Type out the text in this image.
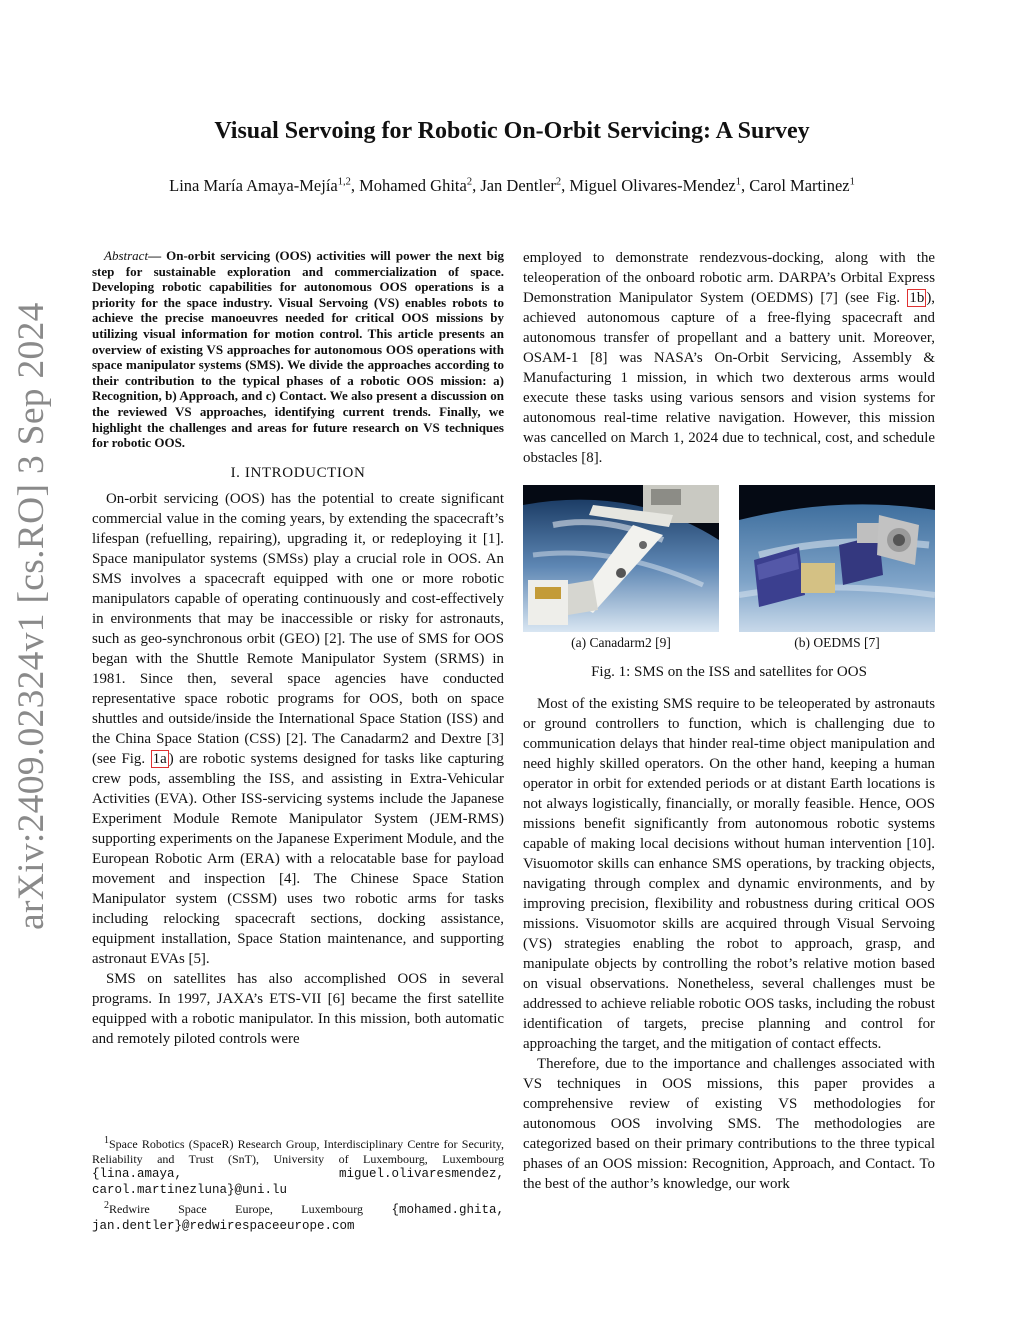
arXiv:2409.02324v1 [cs.RO] 3 Sep 2024
Visual Servoing for Robotic On-Orbit Servicing: A Survey
Lina María Amaya-Mejía$^{1,2}$, Mohamed Ghita$^2$, Jan Dentler$^2$, Miguel Olivares-Mendez$^1$, Carol Martinez$^1$

Abstract— On-orbit servicing (OOS) activities will power the next big step for sustainable exploration and commercialization of space. Developing robotic capabilities for autonomous OOS operations is a priority for the space industry. Visual Servoing (VS) enables robots to achieve the precise manoeuvres needed for critical OOS missions by utilizing visual information for motion control. This article presents an overview of existing VS approaches for autonomous OOS operations with space manipulator systems (SMS). We divide the approaches according to their contribution to the typical phases of a robotic OOS mission: a) Recognition, b) Approach, and c) Contact. We also present a discussion on the reviewed VS approaches, identifying current trends. Finally, we highlight the challenges and areas for future research on VS techniques for robotic OOS.

I. INTRODUCTION

On-orbit servicing (OOS) has the potential to create significant commercial value in the coming years, by extending the spacecraft’s lifespan (refuelling, repairing), upgrading it, or redeploying it [1]. Space manipulator systems (SMSs) play a crucial role in OOS. An SMS involves a spacecraft equipped with one or more robotic manipulators capable of operating continuously and cost-effectively in environments that may be inaccessible or risky for astronauts, such as geo-synchronous orbit (GEO) [2]. The use of SMS for OOS began with the Shuttle Remote Manipulator System (SRMS) in 1981. Since then, several space agencies have conducted representative space robotic programs for OOS, both on space shuttles and outside/inside the International Space Station (ISS) and the China Space Station (CSS) [2]. The Canadarm2 and Dextre [3] (see Fig. 1a ) are robotic systems designed for tasks like capturing crew pods, assembling the ISS, and assisting in Extra-Vehicular Activities (EVA). Other ISS-servicing systems include the Japanese Experiment Module Remote Manipulator System (JEM-RMS) supporting experiments on the Japanese Experiment Module, and the European Robotic Arm (ERA) with a relocatable base for payload movement and inspection [4]. The Chinese Space Station Manipulator system (CSSM) uses two robotic arms for tasks including relocking spacecraft sections, docking assistance, equipment installation, Space Station maintenance, and supporting astronaut EVAs [5].

SMS on satellites has also accomplished OOS in several programs. In 1997, JAXA’s ETS-VII [6] became the first satellite equipped with a robotic manipulator. In this mission, both automatic and remotely piloted controls were

employed to demonstrate rendezvous-docking, along with the teleoperation of the onboard robotic arm. DARPA’s Orbital Express Demonstration Manipulator System (OEDMS) [7] (see Fig. 1b ), achieved autonomous capture of a free-flying spacecraft and autonomous transfer of propellant and a battery unit. Moreover, OSAM-1 [8] was NASA’s On-Orbit Servicing, Assembly & Manufacturing 1 mission, in which two dexterous arms would execute these tasks using various sensors and vision systems for autonomous real-time relative navigation. However, this mission was cancelled on March 1, 2024 due to technical, cost, and schedule obstacles [8].

(a) Canadarm2 [9]	(b) OEDMS [7]
Fig. 1: SMS on the ISS and satellites for OOS

Most of the existing SMS require to be teleoperated by astronauts or ground controllers to function, which is challenging due to communication delays that hinder real-time object manipulation and need highly skilled operators. On the other hand, keeping a human operator in orbit for extended periods or at distant Earth locations is not always logistically, financially, or morally feasible. Hence, OOS missions benefit significantly from autonomous robotic systems capable of making local decisions without human intervention [10]. Visuomotor skills can enhance SMS operations, by tracking objects, navigating through complex and dynamic environments, and by improving precision, flexibility and robustness during critical OOS missions. Visuomotor skills are acquired through Visual Servoing (VS) strategies enabling the robot to approach, grasp, and manipulate objects by controlling the robot’s relative motion based on visual observations. Nonetheless, several challenges must be addressed to achieve reliable robotic OOS tasks, including the robust identification of targets, precise planning and control for approaching the target, and the mitigation of contact effects.

Therefore, due to the importance and challenges associated with VS techniques in OOS missions, this paper provides a comprehensive review of existing VS methodologies for autonomous OOS involving SMS. The methodologies are categorized based on their primary contributions to the three typical phases of an OOS mission: Recognition, Approach, and Contact. To the best of the author’s knowledge, our work

$^1$Space Robotics (SpaceR) Research Group, Interdisciplinary Centre for Security, Reliability and Trust (SnT), University of Luxembourg, Luxembourg {lina.amaya, miguel.olivaresmendez, carol.martinezluna}@uni.lu

$^2$Redwire Space Europe, Luxembourg {mohamed.ghita, jan.dentler}@redwirespaceeurope.com
